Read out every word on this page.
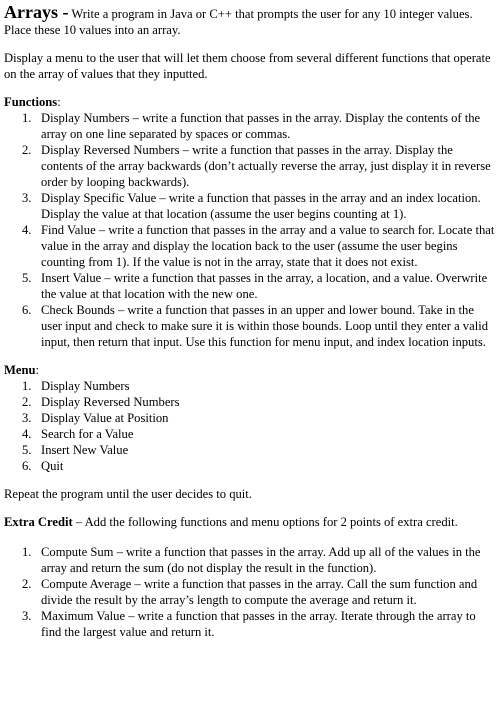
Arrays - Write a program in Java or C++ that prompts the user for any 10 integer values. Place these 10 values into an array.

Display a menu to the user that will let them choose from several different functions that operate on the array of values that they inputted.

Functions:

1. Display Numbers – write a function that passes in the array. Display the contents of the array on one line separated by spaces or commas.
2. Display Reversed Numbers – write a function that passes in the array. Display the contents of the array backwards (don’t actually reverse the array, just display it in reverse order by looping backwards).
3. Display Specific Value – write a function that passes in the array and an index location. Display the value at that location (assume the user begins counting at 1).
4. Find Value – write a function that passes in the array and a value to search for. Locate that value in the array and display the location back to the user (assume the user begins counting from 1). If the value is not in the array, state that it does not exist.
5. Insert Value – write a function that passes in the array, a location, and a value. Overwrite the value at that location with the new one.
6. Check Bounds – write a function that passes in an upper and lower bound. Take in the user input and check to make sure it is within those bounds. Loop until they enter a valid input, then return that input. Use this function for menu input, and index location inputs.

Menu:

1. Display Numbers
2. Display Reversed Numbers
3. Display Value at Position
4. Search for a Value
5. Insert New Value
6. Quit

Repeat the program until the user decides to quit.

Extra Credit – Add the following functions and menu options for 2 points of extra credit.

1. Compute Sum – write a function that passes in the array. Add up all of the values in the array and return the sum (do not display the result in the function).
2. Compute Average – write a function that passes in the array. Call the sum function and divide the result by the array’s length to compute the average and return it.
3. Maximum Value – write a function that passes in the array. Iterate through the array to find the largest value and return it.
